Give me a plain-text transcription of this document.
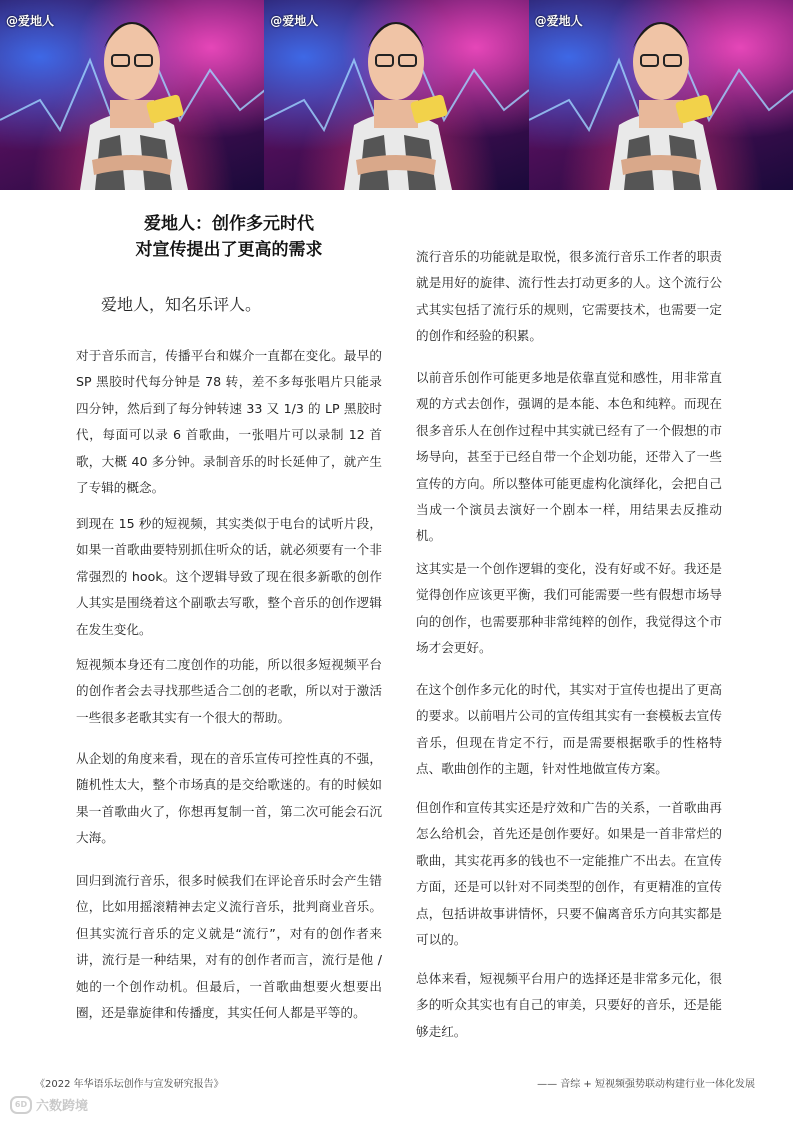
@爱地人	@爱地人	@爱地人
爱地人：创作多元时代
对宣传提出了更高的需求
爱地人，知名乐评人。

对于音乐而言，传播平台和媒介一直都在变化。最早的 SP 黑胶时代每分钟是 78 转，差不多每张唱片只能录四分钟，然后到了每分钟转速 33 又 1/3 的 LP 黑胶时代，每面可以录 6 首歌曲，一张唱片可以录制 12 首歌，大概 40 多分钟。录制音乐的时长延伸了，就产生了专辑的概念。

到现在 15 秒的短视频，其实类似于电台的试听片段，如果一首歌曲要特别抓住听众的话，就必须要有一个非常强烈的 hook。这个逻辑导致了现在很多新歌的创作人其实是围绕着这个副歌去写歌，整个音乐的创作逻辑在发生变化。

短视频本身还有二度创作的功能，所以很多短视频平台的创作者会去寻找那些适合二创的老歌，所以对于激活一些很多老歌其实有一个很大的帮助。

从企划的角度来看，现在的音乐宣传可控性真的不强，随机性太大，整个市场真的是交给歌迷的。有的时候如果一首歌曲火了，你想再复制一首，第二次可能会石沉大海。

回归到流行音乐，很多时候我们在评论音乐时会产生错位，比如用摇滚精神去定义流行音乐，批判商业音乐。但其实流行音乐的定义就是“流行”，对有的创作者来讲，流行是一种结果，对有的创作者而言，流行是他 / 她的一个创作动机。但最后，一首歌曲想要火想要出圈，还是靠旋律和传播度，其实任何人都是平等的。

流行音乐的功能就是取悦，很多流行音乐工作者的职责就是用好的旋律、流行性去打动更多的人。这个流行公式其实包括了流行乐的规则，它需要技术，也需要一定的创作和经验的积累。

以前音乐创作可能更多地是依靠直觉和感性，用非常直观的方式去创作，强调的是本能、本色和纯粹。而现在很多音乐人在创作过程中其实就已经有了一个假想的市场导向，甚至于已经自带一个企划功能，还带入了一些宣传的方向。所以整体可能更虚构化演绎化，会把自己当成一个演员去演好一个剧本一样，用结果去反推动机。

这其实是一个创作逻辑的变化，没有好或不好。我还是觉得创作应该更平衡，我们可能需要一些有假想市场导向的创作，也需要那种非常纯粹的创作，我觉得这个市场才会更好。

在这个创作多元化的时代，其实对于宣传也提出了更高的要求。以前唱片公司的宣传组其实有一套模板去宣传音乐，但现在肯定不行，而是需要根据歌手的性格特点、歌曲创作的主题，针对性地做宣传方案。

但创作和宣传其实还是疗效和广告的关系，一首歌曲再怎么给机会，首先还是创作要好。如果是一首非常烂的歌曲，其实花再多的钱也不一定能推广不出去。在宣传方面，还是可以针对不同类型的创作，有更精准的宣传点，包括讲故事讲情怀，只要不偏离音乐方向其实都是可以的。

总体来看，短视频平台用户的选择还是非常多元化，很多的听众其实也有自己的审美，只要好的音乐，还是能够走红。

《2022 年华语乐坛创作与宣发研究报告》	—— 音综 + 短视频强势联动构建行业一体化发展
6D 六数跨境
